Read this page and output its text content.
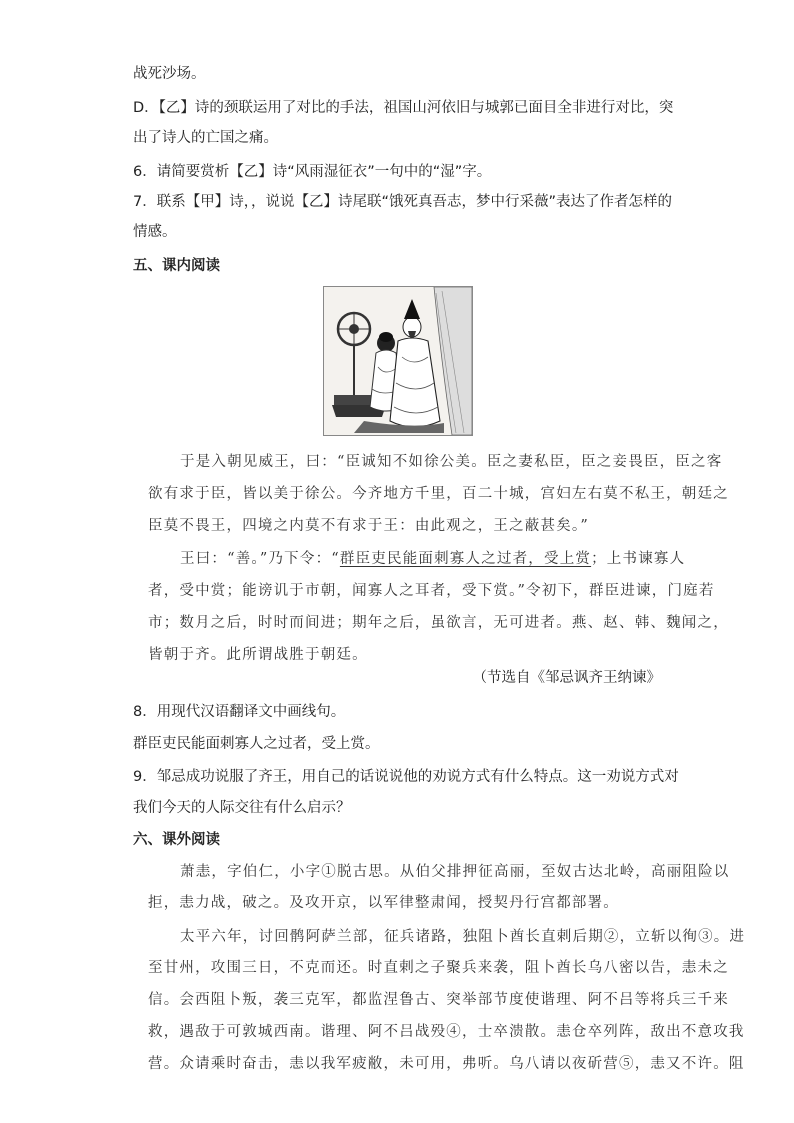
战死沙场。
D．【乙】诗的颈联运用了对比的手法，祖国山河依旧与城郭已面目全非进行对比，突
出了诗人的亡国之痛。
6．请简要赏析【乙】诗“风雨湿征衣”一句中的“湿”字。
7．联系【甲】诗，，说说【乙】诗尾联“饿死真吾志，梦中行采薇”表达了作者怎样的
情感。
五、课内阅读
于是入朝见威王，曰：“臣诚知不如徐公美。臣之妻私臣，臣之妾畏臣，臣之客
欲有求于臣，皆以美于徐公。今齐地方千里，百二十城，宫妇左右莫不私王，朝廷之
臣莫不畏王，四境之内莫不有求于王：由此观之，王之蔽甚矣。”
王曰：“善。”乃下令：“群臣吏民能面刺寡人之过者，受上赏；上书谏寡人
者，受中赏；能谤讥于市朝，闻寡人之耳者，受下赏。”令初下，群臣进谏，门庭若
市；数月之后，时时而间进；期年之后，虽欲言，无可进者。燕、赵、韩、魏闻之，
皆朝于齐。此所谓战胜于朝廷。
（节选自《邹忌讽齐王纳谏》
8．用现代汉语翻译文中画线句。
群臣吏民能面刺寡人之过者，受上赏。
9．邹忌成功说服了齐王，用自己的话说说他的劝说方式有什么特点。这一劝说方式对
我们今天的人际交往有什么启示？
六、课外阅读
萧恚，字伯仁，小字①脱古思。从伯父排押征高丽，至奴古达北岭，高丽阻险以
拒，恚力战，破之。及攻开京，以军律整肃闻，授契丹行宫都部署。
太平六年，讨回鹘阿萨兰部，征兵诸路，独阻卜酋长直剌后期②，立斩以徇③。进
至甘州，攻围三日，不克而还。时直剌之子聚兵来袭，阻卜酋长乌八密以告，恚未之
信。会西阻卜叛，袭三克军，都监涅鲁古、突举部节度使谐理、阿不吕等将兵三千来
救，遇敌于可敦城西南。谐理、阿不吕战殁④，士卒溃散。恚仓卒列阵，敌出不意攻我
营。众请乘时奋击，恚以我军疲敝，未可用，弗听。乌八请以夜斫营⑤，恚又不许。阻
